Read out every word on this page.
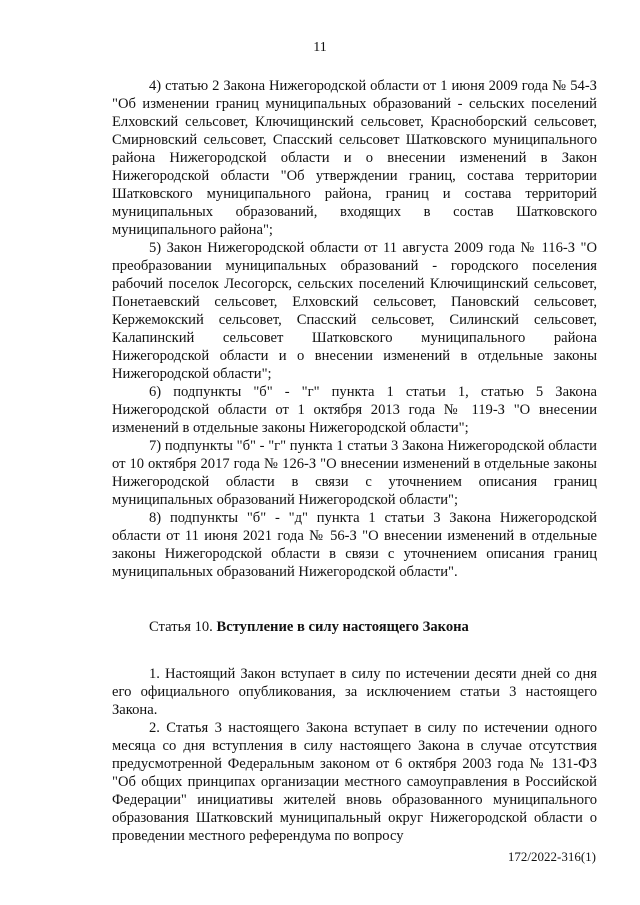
11

4) статью 2 Закона Нижегородской области от 1 июня 2009 года № 54-З "Об изменении границ муниципальных образований - сельских поселений Елховский сельсовет, Ключищинский сельсовет, Красноборский сельсовет, Смирновский сельсовет, Спасский сельсовет Шатковского муниципального района Нижегородской области и о внесении изменений в Закон Нижегородской области "Об утверждении границ, состава территории Шатковского муниципального района, границ и состава территорий муниципальных образований, входящих в состав Шатковского муниципального района";

5) Закон Нижегородской области от 11 августа 2009 года № 116-З "О преобразовании муниципальных образований - городского поселения рабочий поселок Лесогорск, сельских поселений Ключищинский сельсовет, Понетаевский сельсовет, Елховский сельсовет, Пановский сельсовет, Кержемокский сельсовет, Спасский сельсовет, Силинский сельсовет, Калапинский сельсовет Шатковского муниципального района Нижегородской области и о внесении изменений в отдельные законы Нижегородской области";

6) подпункты "б" - "г" пункта 1 статьи 1, статью 5 Закона Нижегородской области от 1 октября 2013 года № 119-З "О внесении изменений в отдельные законы Нижегородской области";

7) подпункты "б" - "г" пункта 1 статьи 3 Закона Нижегородской области от 10 октября 2017 года № 126-З "О внесении изменений в отдельные законы Нижегородской области в связи с уточнением описания границ муниципальных образований Нижегородской области";

8) подпункты "б" - "д" пункта 1 статьи 3 Закона Нижегородской области от 11 июня 2021 года № 56-З "О внесении изменений в отдельные законы Нижегородской области в связи с уточнением описания границ муниципальных образований Нижегородской области".

Статья 10. Вступление в силу настоящего Закона

1. Настоящий Закон вступает в силу по истечении десяти дней со дня его официального опубликования, за исключением статьи 3 настоящего Закона.

2. Статья 3 настоящего Закона вступает в силу по истечении одного месяца со дня вступления в силу настоящего Закона в случае отсутствия предусмотренной Федеральным законом от 6 октября 2003 года № 131-ФЗ "Об общих принципах организации местного самоуправления в Российской Федерации" инициативы жителей вновь образованного муниципального образования Шатковский муниципальный округ Нижегородской области о проведении местного референдума по вопросу

172/2022-316(1)
